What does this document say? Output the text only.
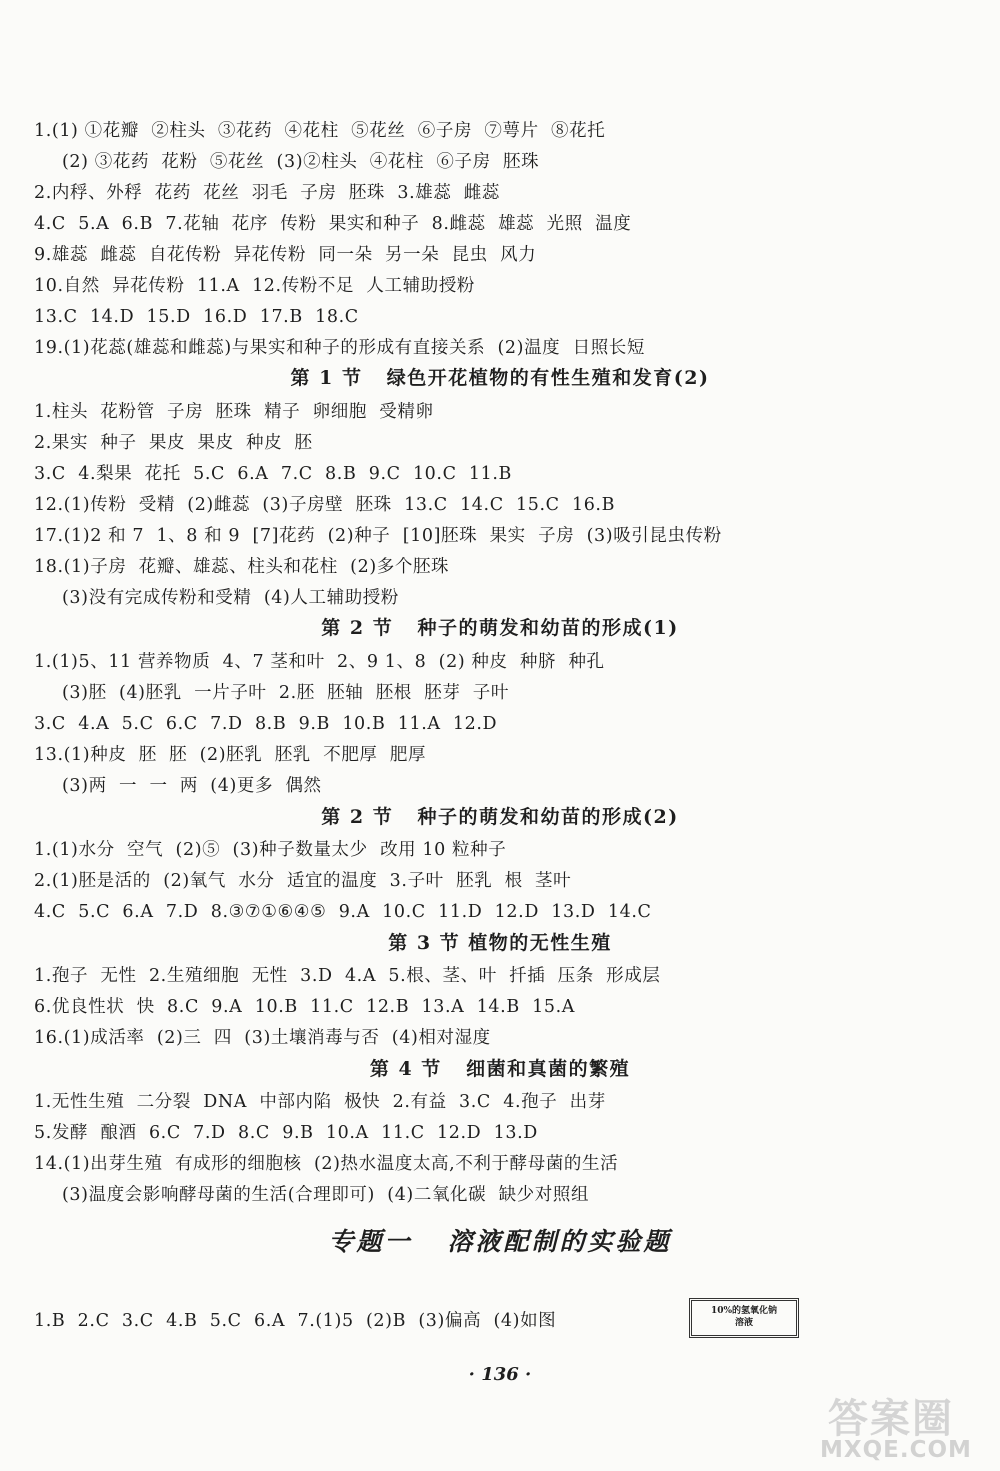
1.(1) ①花瓣  ②柱头  ③花药  ④花柱  ⑤花丝  ⑥子房  ⑦萼片  ⑧花托
(2) ③花药  花粉  ⑤花丝  (3)②柱头  ④花柱  ⑥子房  胚珠
2.内稃、外稃  花药  花丝  羽毛  子房  胚珠  3.雄蕊  雌蕊
4.C  5.A  6.B  7.花轴  花序  传粉  果实和种子  8.雌蕊  雄蕊  光照  温度
9.雄蕊  雌蕊  自花传粉  异花传粉  同一朵  另一朵  昆虫  风力
10.自然  异花传粉  11.A  12.传粉不足  人工辅助授粉
13.C  14.D  15.D  16.D  17.B  18.C
19.(1)花蕊(雄蕊和雌蕊)与果实和种子的形成有直接关系  (2)温度  日照长短
第 1 节   绿色开花植物的有性生殖和发育(2)
1.柱头  花粉管  子房  胚珠  精子  卵细胞  受精卵
2.果实  种子  果皮  果皮  种皮  胚
3.C  4.梨果  花托  5.C  6.A  7.C  8.B  9.C  10.C  11.B
12.(1)传粉  受精  (2)雌蕊  (3)子房壁  胚珠  13.C  14.C  15.C  16.B
17.(1)2 和 7  1、8 和 9  [7]花药  (2)种子  [10]胚珠  果实  子房  (3)吸引昆虫传粉
18.(1)子房  花瓣、雄蕊、柱头和花柱  (2)多个胚珠
(3)没有完成传粉和受精  (4)人工辅助授粉
第 2 节   种子的萌发和幼苗的形成(1)
1.(1)5、11 营养物质  4、7 茎和叶  2、9 1、8  (2) 种皮  种脐  种孔
(3)胚  (4)胚乳  一片子叶  2.胚  胚轴  胚根  胚芽  子叶
3.C  4.A  5.C  6.C  7.D  8.B  9.B  10.B  11.A  12.D
13.(1)种皮  胚  胚  (2)胚乳  胚乳  不肥厚  肥厚
(3)两  一  一  两  (4)更多  偶然
第 2 节   种子的萌发和幼苗的形成(2)
1.(1)水分  空气  (2)⑤  (3)种子数量太少  改用 10 粒种子
2.(1)胚是活的  (2)氧气  水分  适宜的温度  3.子叶  胚乳  根  茎叶
4.C  5.C  6.A  7.D  8.③⑦①⑥④⑤  9.A  10.C  11.D  12.D  13.D  14.C
第 3 节 植物的无性生殖
1.孢子  无性  2.生殖细胞  无性  3.D  4.A  5.根、茎、叶  扦插  压条  形成层
6.优良性状  快  8.C  9.A  10.B  11.C  12.B  13.A  14.B  15.A
16.(1)成活率  (2)三  四  (3)土壤消毒与否  (4)相对湿度
第 4 节   细菌和真菌的繁殖
1.无性生殖  二分裂  DNA  中部内陷  极快  2.有益  3.C  4.孢子  出芽
5.发酵  酿酒  6.C  7.D  8.C  9.B  10.A  11.C  12.D  13.D
14.(1)出芽生殖  有成形的细胞核  (2)热水温度太高,不利于酵母菌的生活
(3)温度会影响酵母菌的生活(合理即可)  (4)二氧化碳  缺少对照组
专题一   溶液配制的实验题
1.B  2.C  3.C  4.B  5.C  6.A  7.(1)5  (2)B  (3)偏高  (4)如图	10%的氢氧化钠
溶液
· 136 ·
答案圈
MXQE.COM
